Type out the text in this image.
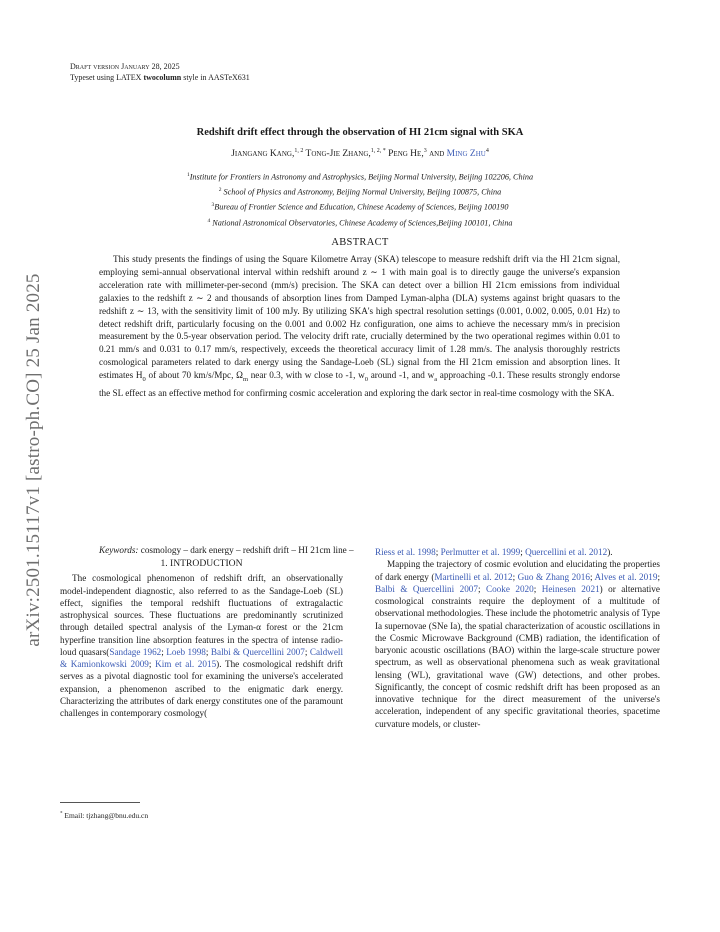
arXiv:2501.15117v1 [astro-ph.CO] 25 Jan 2025
Draft version January 28, 2025
Typeset using LATEX twocolumn style in AASTeX631
Redshift drift effect through the observation of HI 21cm signal with SKA
Jiangang Kang,$^{1, 2}$ Tong-Jie Zhang,$^{1, 2, *}$ Peng He,$^3$ and Ming Zhu$^4$
$^1$Institute for Frontiers in Astronomy and Astrophysics, Beijing Normal University, Beijing 102206, China
$^2$ School of Physics and Astronomy, Beijing Normal University, Beijing 100875, China
$^3$Bureau of Frontier Science and Education, Chinese Academy of Sciences, Beijing 100190
$^4$ National Astronomical Observatories, Chinese Academy of Sciences,Beijing 100101, China
ABSTRACT
This study presents the findings of using the Square Kilometre Array (SKA) telescope to measure redshift drift via the HI 21cm signal, employing semi-annual observational interval within redshift around z ∼ 1 with main goal is to directly gauge the universe's expansion acceleration rate with millimeter-per-second (mm/s) precision. The SKA can detect over a billion HI 21cm emissions from individual galaxies to the redshift z ∼ 2 and thousands of absorption lines from Damped Lyman-alpha (DLA) systems against bright quasars to the redshift z ∼ 13, with the sensitivity limit of 100 mJy. By utilizing SKA's high spectral resolution settings (0.001, 0.002, 0.005, 0.01 Hz) to detect redshift drift, particularly focusing on the 0.001 and 0.002 Hz configuration, one aims to achieve the necessary mm/s in precision measurement by the 0.5-year observation period. The velocity drift rate, crucially determined by the two operational regimes within 0.01 to 0.21 mm/s and 0.031 to 0.17 mm/s, respectively, exceeds the theoretical accuracy limit of 1.28 mm/s. The analysis thoroughly restricts cosmological parameters related to dark energy using the Sandage-Loeb (SL) signal from the HI 21cm emission and absorption lines. It estimates $H_0$ of about 70 km/s/Mpc, $\Omega_m$ near 0.3, with w close to -1, $w_0$ around -1, and $w_a$ approaching -0.1. These results strongly endorse the SL effect as an effective method for confirming cosmic acceleration and exploring the dark sector in real-time cosmology with the SKA.
Keywords: cosmology – dark energy – redshift drift – HI 21cm line –
1. INTRODUCTION

The cosmological phenomenon of redshift drift, an observationally model-independent diagnostic, also referred to as the Sandage-Loeb (SL) effect, signifies the temporal redshift fluctuations of extragalactic astrophysical sources. These fluctuations are predominantly scrutinized through detailed spectral analysis of the Lyman-α forest or the 21cm hyperfine transition line absorption features in the spectra of intense radio-loud quasars(Sandage 1962; Loeb 1998; Balbi & Quercellini 2007; Caldwell & Kamionkowski 2009; Kim et al. 2015). The cosmological redshift drift serves as a pivotal diagnostic tool for examining the universe's accelerated expansion, a phenomenon ascribed to the enigmatic dark energy. Characterizing the attributes of dark energy constitutes one of the paramount challenges in contemporary cosmology(

Riess et al. 1998; Perlmutter et al. 1999; Quercellini et al. 2012).

Mapping the trajectory of cosmic evolution and elucidating the properties of dark energy (Martinelli et al. 2012; Guo & Zhang 2016; Alves et al. 2019; Balbi & Quercellini 2007; Cooke 2020; Heinesen 2021) or alternative cosmological constraints require the deployment of a multitude of observational methodologies. These include the photometric analysis of Type Ia supernovae (SNe Ia), the spatial characterization of acoustic oscillations in the Cosmic Microwave Background (CMB) radiation, the identification of baryonic acoustic oscillations (BAO) within the large-scale structure power spectrum, as well as observational phenomena such as weak gravitational lensing (WL), gravitational wave (GW) detections, and other probes. Significantly, the concept of cosmic redshift drift has been proposed as an innovative technique for the direct measurement of the universe's acceleration, independent of any specific gravitational theories, spacetime curvature models, or cluster-

* Email: tjzhang@bnu.edu.cn
